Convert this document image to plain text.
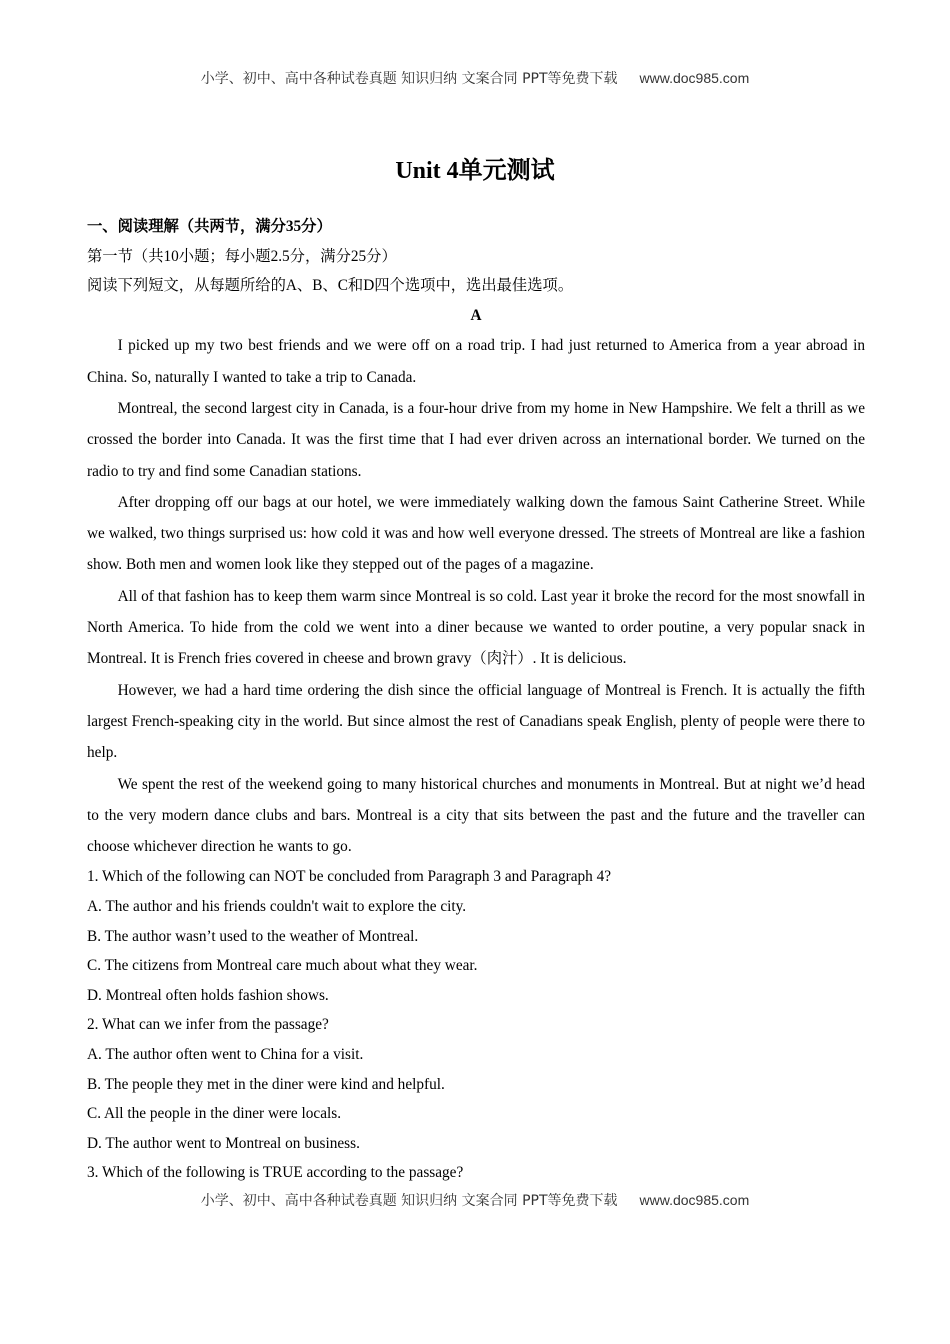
小学、初中、高中各种试卷真题 知识归纳 文案合同 PPT等免费下载 www.doc985.com
Unit 4单元测试

一、阅读理解（共两节，满分35分）

第一节（共10小题；每小题2.5分，满分25分）

阅读下列短文，从每题所给的A、B、C和D四个选项中，选出最佳选项。

A

I picked up my two best friends and we were off on a road trip. I had just returned to America from a year abroad in China. So, naturally I wanted to take a trip to Canada.

Montreal, the second largest city in Canada, is a four-hour drive from my home in New Hampshire. We felt a thrill as we crossed the border into Canada. It was the first time that I had ever driven across an international border. We turned on the radio to try and find some Canadian stations.

After dropping off our bags at our hotel, we were immediately walking down the famous Saint Catherine Street. While we walked, two things surprised us: how cold it was and how well everyone dressed. The streets of Montreal are like a fashion show. Both men and women look like they stepped out of the pages of a magazine.

All of that fashion has to keep them warm since Montreal is so cold. Last year it broke the record for the most snowfall in North America. To hide from the cold we went into a diner because we wanted to order poutine, a very popular snack in Montreal. It is French fries covered in cheese and brown gravy（肉汁）. It is delicious.

However, we had a hard time ordering the dish since the official language of Montreal is French. It is actually the fifth largest French-speaking city in the world. But since almost the rest of Canadians speak English, plenty of people were there to help.

We spent the rest of the weekend going to many historical churches and monuments in Montreal. But at night we’d head to the very modern dance clubs and bars. Montreal is a city that sits between the past and the future and the traveller can choose whichever direction he wants to go.

1. Which of the following can NOT be concluded from Paragraph 3 and Paragraph 4?

A. The author and his friends couldn't wait to explore the city.

B. The author wasn’t used to the weather of Montreal.

C. The citizens from Montreal care much about what they wear.

D. Montreal often holds fashion shows.

2. What can we infer from the passage?

A. The author often went to China for a visit.

B. The people they met in the diner were kind and helpful.

C. All the people in the diner were locals.

D. The author went to Montreal on business.

3. Which of the following is TRUE according to the passage?

小学、初中、高中各种试卷真题 知识归纳 文案合同 PPT等免费下载 www.doc985.com
